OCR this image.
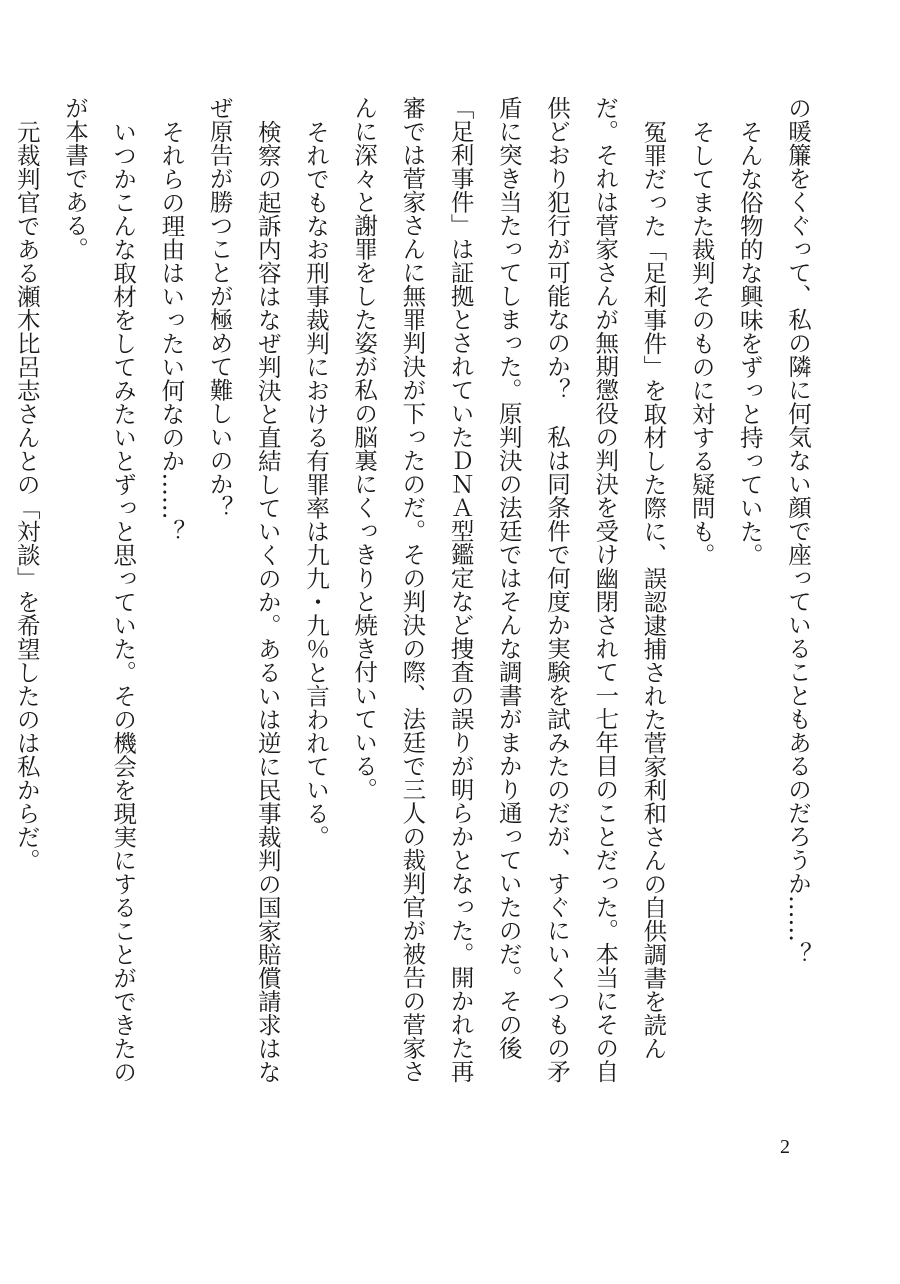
の暖簾をくぐって、私の隣に何気ない顔で座っていることもあるのだろうか……？

そんな俗物的な興味をずっと持っていた。

そしてまた裁判そのものに対する疑問も。

冤罪だった「足利事件」を取材した際に、誤認逮捕された菅家利和さんの自供調書を読んだ。それは菅家さんが無期懲役の判決を受け幽閉されて一七年目のことだった。本当にその自供どおり犯行が可能なのか？　私は同条件で何度か実験を試みたのだが、すぐにいくつもの矛盾に突き当たってしまった。原判決の法廷ではそんな調書がまかり通っていたのだ。その後「足利事件」は証拠とされていたＤＮＡ型鑑定など捜査の誤りが明らかとなった。開かれた再審では菅家さんに無罪判決が下ったのだ。その判決の際、法廷で三人の裁判官が被告の菅家さんに深々と謝罪をした姿が私の脳裏にくっきりと焼き付いている。

それでもなお刑事裁判における有罪率は九九・九％と言われている。

検察の起訴内容はなぜ判決と直結していくのか。あるいは逆に民事裁判の国家賠償請求はなぜ原告が勝つことが極めて難しいのか？

それらの理由はいったい何なのか……？

いつかこんな取材をしてみたいとずっと思っていた。その機会を現実にすることができたのが本書である。

元裁判官である瀬木比呂志さんとの「対談」を希望したのは私からだ。

2
